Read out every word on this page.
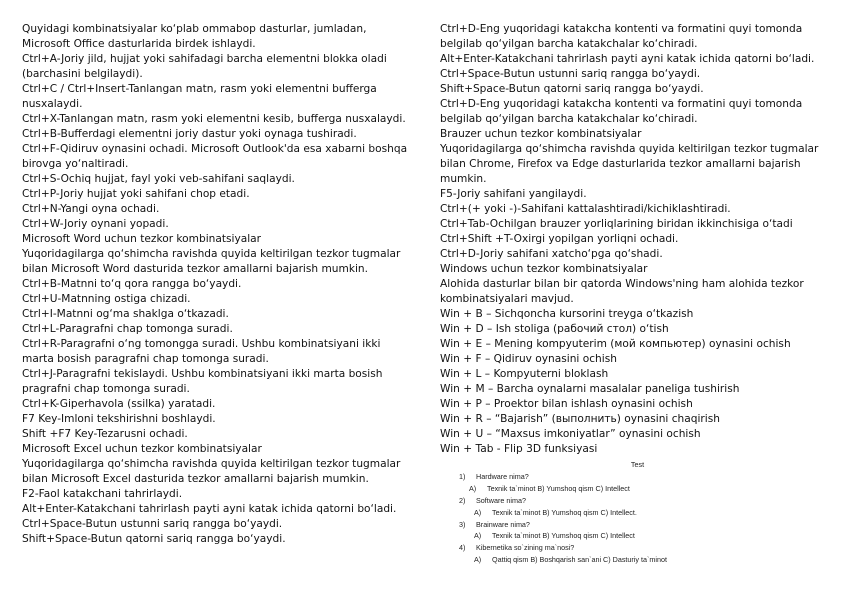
Quyidagi kombinatsiyalar ko‘plab ommabop dasturlar, jumladan,
Microsoft Office dasturlarida birdek ishlaydi.
Ctrl+A-Joriy jild, hujjat yoki sahifadagi barcha elementni blokka oladi
(barchasini belgilaydi).
Ctrl+C / Ctrl+Insert-Tanlangan matn, rasm yoki elementni bufferga
nusxalaydi.
Ctrl+X-Tanlangan matn, rasm yoki elementni kesib, bufferga nusxalaydi.
Ctrl+B-Bufferdagi elementni joriy dastur yoki oynaga tushiradi.
Ctrl+F-Qidiruv oynasini ochadi. Microsoft Outlook'da esa xabarni boshqa
birovga yo‘naltiradi.
Ctrl+S-Ochiq hujjat, fayl yoki veb-sahifani saqlaydi.
Ctrl+P-Joriy hujjat yoki sahifani chop etadi.
Ctrl+N-Yangi oyna ochadi.
Ctrl+W-Joriy oynani yopadi.
Microsoft Word uchun tezkor kombinatsiyalar
Yuqoridagilarga qo‘shimcha ravishda quyida keltirilgan tezkor tugmalar
bilan Microsoft Word dasturida tezkor amallarni bajarish mumkin.
Ctrl+B-Matnni to‘q qora rangga bo‘yaydi.
Ctrl+U-Matnning ostiga chizadi.
Ctrl+I-Matnni og‘ma shaklga o‘tkazadi.
Ctrl+L-Paragrafni chap tomonga suradi.
Ctrl+R-Paragrafni o‘ng tomongga suradi. Ushbu kombinatsiyani ikki
marta bosish paragrafni chap tomonga suradi.
Ctrl+J-Paragrafni tekislaydi. Ushbu kombinatsiyani ikki marta bosish
pragrafni chap tomonga suradi.
Ctrl+K-Giperhavola (ssilka) yaratadi.
F7 Key-Imloni tekshirishni boshlaydi.
Shift +F7 Key-Tezarusni ochadi.
Microsoft Excel uchun tezkor kombinatsiyalar
Yuqoridagilarga qo‘shimcha ravishda quyida keltirilgan tezkor tugmalar
bilan Microsoft Excel dasturida tezkor amallarni bajarish mumkin.
F2-Faol katakchani tahrirlaydi.
Alt+Enter-Katakchani tahrirlash payti ayni katak ichida qatorni bo‘ladi.
Ctrl+Space-Butun ustunni sariq rangga bo‘yaydi.
Shift+Space-Butun qatorni sariq rangga bo‘yaydi.
Ctrl+D-Eng yuqoridagi katakcha kontenti va formatini quyi tomonda
belgilab qo‘yilgan barcha katakchalar ko‘chiradi.
Alt+Enter-Katakchani tahrirlash payti ayni katak ichida qatorni bo‘ladi.
Ctrl+Space-Butun ustunni sariq rangga bo‘yaydi.
Shift+Space-Butun qatorni sariq rangga bo‘yaydi.
Ctrl+D-Eng yuqoridagi katakcha kontenti va formatini quyi tomonda
belgilab qo‘yilgan barcha katakchalar ko‘chiradi.
Brauzer uchun tezkor kombinatsiyalar
Yuqoridagilarga qo‘shimcha ravishda quyida keltirilgan tezkor tugmalar
bilan Chrome, Firefox va Edge dasturlarida tezkor amallarni bajarish
mumkin.
F5-Joriy sahifani yangilaydi.
Ctrl+(+ yoki -)-Sahifani kattalashtiradi/kichiklashtiradi.
Ctrl+Tab-Ochilgan brauzer yorliqlarining biridan ikkinchisiga o‘tadi
Ctrl+Shift +T-Oxirgi yopilgan yorliqni ochadi.
Ctrl+D-Joriy sahifani xatcho‘pga qo‘shadi.
Windows uchun tezkor kombinatsiyalar
Alohida dasturlar bilan bir qatorda Windows'ning ham alohida tezkor
kombinatsiyalari mavjud.
Win + B – Sichqoncha kursorini treyga o‘tkazish
Win + D – Ish stoliga (рабочий стол) o‘tish
Win + E – Mening kompyuterim (мой компьютер) oynasini ochish
Win + F – Qidiruv oynasini ochish
Win + L – Kompyuterni bloklash
Win + M – Barcha oynalarni masalalar paneliga tushirish
Win + P – Proektor bilan ishlash oynasini ochish
Win + R – “Bajarish” (выполнить) oynasini chaqirish
Win + U – “Maxsus imkoniyatlar” oynasini ochish
Win + Tab - Flip 3D funksiyasi
Test
1) Hardware nima?
A) Texnik ta`minot B) Yumshoq qism C) Intellect
2) Software nima?
A) Texnik ta`minot B) Yumshoq qism C) Intellect.
3) Brainware nima?
A) Texnik ta`minot B) Yumshoq qism C) Intellect
4) Kibernetika so`zining ma`nosi?
A) Qattiq qism B) Boshqarish san`ani C) Dasturiy ta`minot
